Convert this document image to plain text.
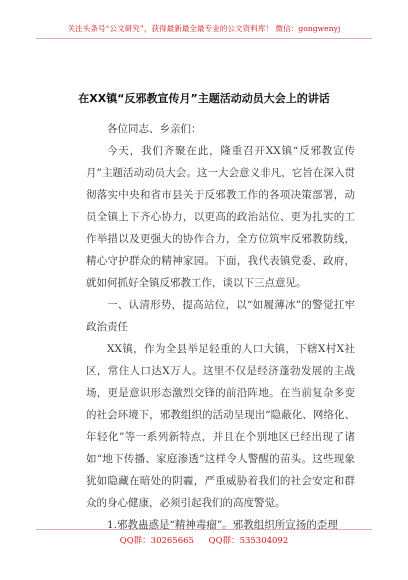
关注头条号“公文研究”，获得最新最全最专业的公文资料库！ 微信：gongwenyj
在XX镇“反邪教宣传月”主题活动动员大会上的讲话

各位同志、乡亲们：

今天，我们齐聚在此，隆重召开XX镇“反邪教宣传月”主题活动动员大会。这一大会意义非凡，它旨在深入贯彻落实中央和省市县关于反邪教工作的各项决策部署，动员全镇上下齐心协力，以更高的政治站位、更为扎实的工作举措以及更强大的协作合力，全方位筑牢反邪教防线，精心守护群众的精神家园。下面，我代表镇党委、政府，就如何抓好全镇反邪教工作，谈以下三点意见。

一、认清形势，提高站位，以“如履薄冰”的警觉扛牢政治责任

XX镇，作为全县举足轻重的人口大镇，下辖X村X社区，常住人口达X万人。这里不仅是经济蓬勃发展的主战场，更是意识形态激烈交锋的前沿阵地。在当前复杂多变的社会环境下，邪教组织的活动呈现出“隐蔽化、网络化、年轻化”等一系列新特点，并且在个别地区已经出现了诸如“地下传播、家庭渗透”这样令人警醒的苗头。这些现象犹如隐藏在暗处的阴霾，严重威胁着我们的社会安定和群众的身心健康，必须引起我们的高度警觉。

1.邪教蛊惑是“精神毒瘤”。邪教组织所宣扬的歪理

QQ群：30265665 QQ群：535304092
